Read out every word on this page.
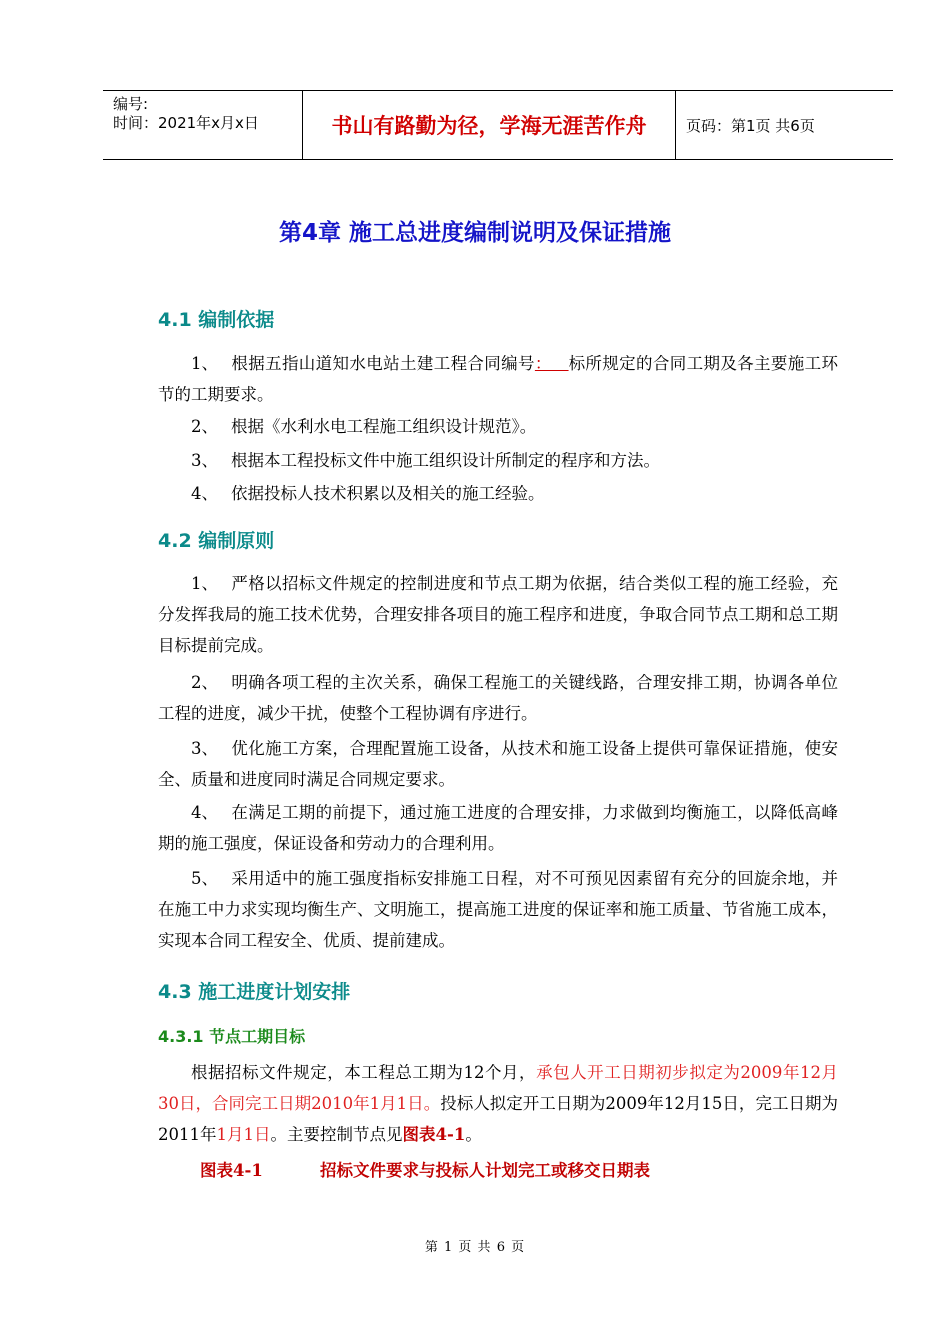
编号:
时间：2021年x月x日	书山有路勤为径，学海无涯苦作舟	页码：第1页 共6页
第4章 施工总进度编制说明及保证措施
4.1 编制依据
1、 根据五指山道知水电站土建工程合同编号：   标所规定的合同工期及各主要施工环节的工期要求。
2、 根据《水利水电工程施工组织设计规范》。
3、 根据本工程投标文件中施工组织设计所制定的程序和方法。
4、 依据投标人技术积累以及相关的施工经验。
4.2 编制原则
1、 严格以招标文件规定的控制进度和节点工期为依据，结合类似工程的施工经验，充分发挥我局的施工技术优势，合理安排各项目的施工程序和进度，争取合同节点工期和总工期目标提前完成。
2、 明确各项工程的主次关系，确保工程施工的关键线路，合理安排工期，协调各单位工程的进度，减少干扰，使整个工程协调有序进行。
3、 优化施工方案，合理配置施工设备，从技术和施工设备上提供可靠保证措施，使安全、质量和进度同时满足合同规定要求。
4、 在满足工期的前提下，通过施工进度的合理安排，力求做到均衡施工，以降低高峰期的施工强度，保证设备和劳动力的合理利用。
5、 采用适中的施工强度指标安排施工日程，对不可预见因素留有充分的回旋余地，并在施工中力求实现均衡生产、文明施工，提高施工进度的保证率和施工质量、节省施工成本，实现本合同工程安全、优质、提前建成。
4.3 施工进度计划安排
4.3.1 节点工期目标
根据招标文件规定，本工程总工期为12个月，承包人开工日期初步拟定为2009年12月30日，合同完工日期2010年1月1日。投标人拟定开工日期为2009年12月15日，完工日期为2011年1月1日。主要控制节点见图表4-1。
图表4-1	招标文件要求与投标人计划完工或移交日期表
第 1 页 共 6 页
